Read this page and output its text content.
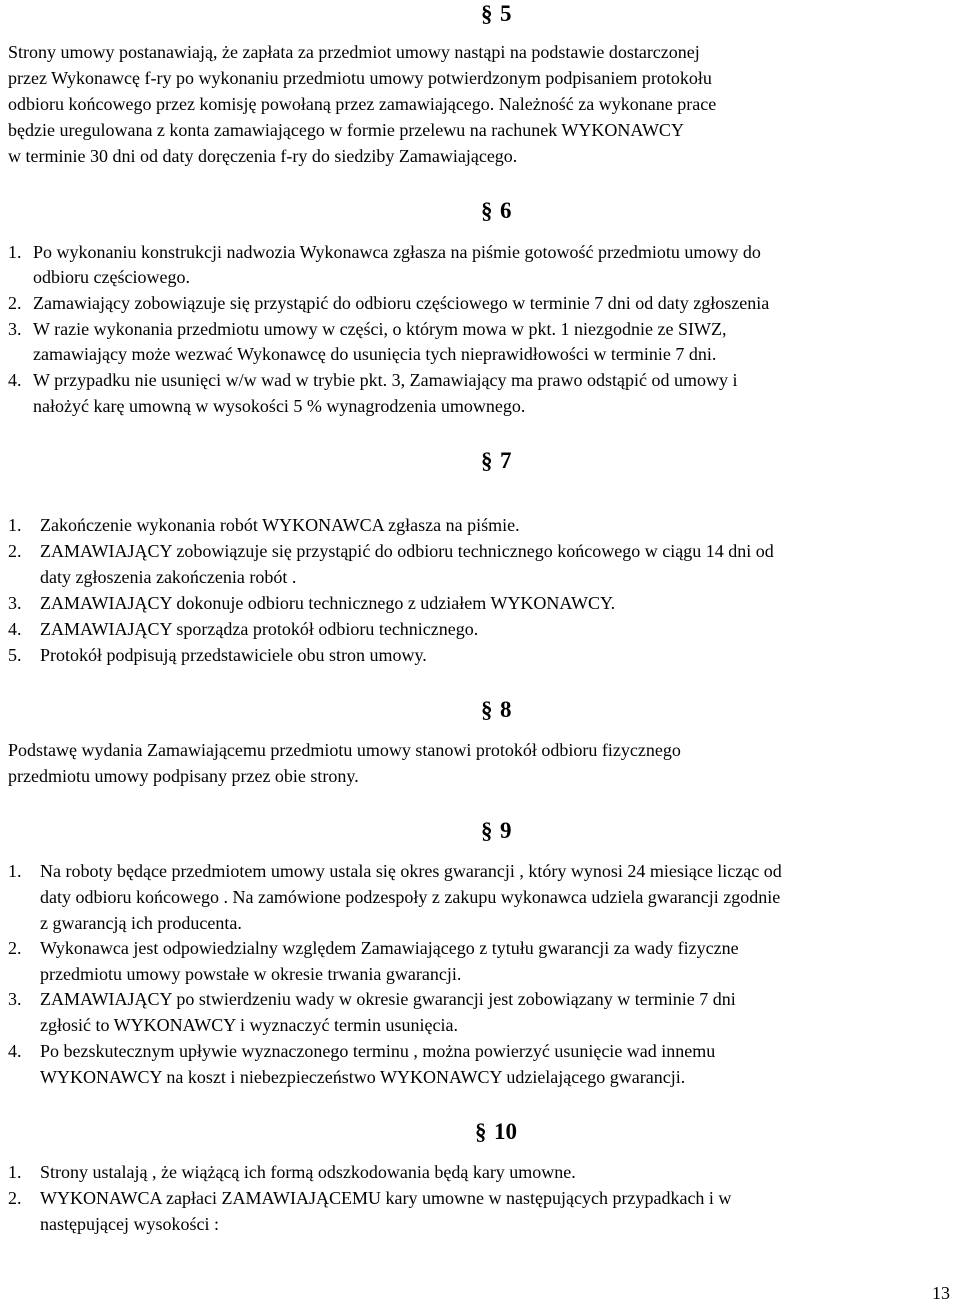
§ 5
Strony umowy postanawiają, że zapłata za przedmiot umowy nastąpi na podstawie dostarczonej
przez Wykonawcę f-ry po wykonaniu przedmiotu umowy potwierdzonym podpisaniem protokołu
odbioru końcowego przez komisję powołaną przez zamawiającego. Należność za wykonane prace
będzie uregulowana z konta zamawiającego w formie przelewu na rachunek WYKONAWCY
w terminie 30 dni od daty doręczenia f-ry do siedziby Zamawiającego.
§ 6
1. Po wykonaniu konstrukcji nadwozia Wykonawca zgłasza na piśmie gotowość przedmiotu umowy do
odbioru częściowego.
2. Zamawiający zobowiązuje się przystąpić do odbioru częściowego w terminie 7 dni od daty zgłoszenia
3. W razie wykonania przedmiotu umowy w części, o którym mowa w pkt. 1 niezgodnie ze SIWZ,
zamawiający może wezwać Wykonawcę do usunięcia tych nieprawidłowości w terminie 7 dni.
4. W przypadku nie usunięci w/w wad w trybie pkt. 3, Zamawiający ma prawo odstąpić od umowy i
nałożyć karę umowną w wysokości 5 % wynagrodzenia umownego.
§ 7
1. Zakończenie wykonania robót WYKONAWCA zgłasza na piśmie.
2. ZAMAWIAJĄCY zobowiązuje się przystąpić do odbioru technicznego końcowego w ciągu 14 dni od
daty zgłoszenia zakończenia robót .
3. ZAMAWIAJĄCY dokonuje odbioru technicznego z udziałem WYKONAWCY.
4. ZAMAWIAJĄCY sporządza protokół odbioru technicznego.
5. Protokół podpisują przedstawiciele obu stron umowy.
§ 8
Podstawę wydania Zamawiającemu przedmiotu umowy stanowi protokół odbioru fizycznego
przedmiotu umowy podpisany przez obie strony.
§ 9
1. Na roboty będące przedmiotem umowy ustala się okres gwarancji , który wynosi 24 miesiące licząc od
daty odbioru końcowego . Na zamówione podzespoły z zakupu wykonawca udziela gwarancji zgodnie
z gwarancją ich producenta.
2. Wykonawca jest odpowiedzialny względem Zamawiającego z tytułu gwarancji za wady fizyczne
przedmiotu umowy powstałe w okresie trwania gwarancji.
3. ZAMAWIAJĄCY po stwierdzeniu wady w okresie gwarancji jest zobowiązany w terminie 7 dni
zgłosić to WYKONAWCY i wyznaczyć termin usunięcia.
4. Po bezskutecznym upływie wyznaczonego terminu , można powierzyć usunięcie wad innemu
WYKONAWCY na koszt i niebezpieczeństwo WYKONAWCY udzielającego gwarancji.
§ 10
1. Strony ustalają , że wiążącą ich formą odszkodowania będą kary umowne.
2. WYKONAWCA zapłaci ZAMAWIAJĄCEMU kary umowne w następujących przypadkach i w
następującej wysokości :
13
